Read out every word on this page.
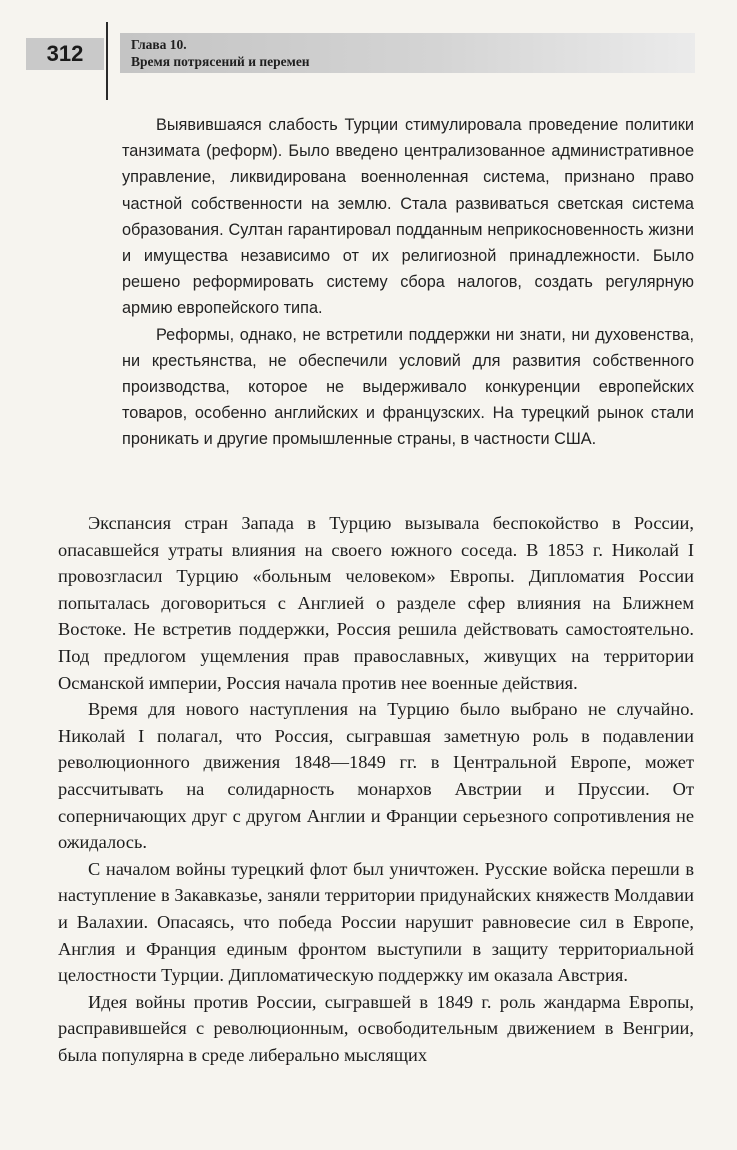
312	Глава 10.
Время потрясений и перемен

Выявившаяся слабость Турции стимулировала проведение политики танзимата (реформ). Было введено централизованное административное управление, ликвидирована военноленная система, признано право частной собственности на землю. Стала развиваться светская система образования. Султан гарантировал подданным неприкосновенность жизни и имущества независимо от их религиозной принадлежности. Было решено реформировать систему сбора налогов, создать регулярную армию европейского типа.

Реформы, однако, не встретили поддержки ни знати, ни духовенства, ни крестьянства, не обеспечили условий для развития собственного производства, которое не выдерживало конкуренции европейских товаров, особенно английских и французских. На турецкий рынок стали проникать и другие промышленные страны, в частности США.

Экспансия стран Запада в Турцию вызывала беспокойство в России, опасавшейся утраты влияния на своего южного соседа. В 1853 г. Николай I провозгласил Турцию «больным человеком» Европы. Дипломатия России попыталась договориться с Англией о разделе сфер влияния на Ближнем Востоке. Не встретив поддержки, Россия решила действовать самостоятельно. Под предлогом ущемления прав православных, живущих на территории Османской империи, Россия начала против нее военные действия.

Время для нового наступления на Турцию было выбрано не случайно. Николай I полагал, что Россия, сыгравшая заметную роль в подавлении революционного движения 1848—1849 гг. в Центральной Европе, может рассчитывать на солидарность монархов Австрии и Пруссии. От соперничающих друг с другом Англии и Франции серьезного сопротивления не ожидалось.

С началом войны турецкий флот был уничтожен. Русские войска перешли в наступление в Закавказье, заняли территории придунайских княжеств Молдавии и Валахии. Опасаясь, что победа России нарушит равновесие сил в Европе, Англия и Франция единым фронтом выступили в защиту территориальной целостности Турции. Дипломатическую поддержку им оказала Австрия.

Идея войны против России, сыгравшей в 1849 г. роль жандарма Европы, расправившейся с революционным, освободительным движением в Венгрии, была популярна в среде либерально мыслящих
